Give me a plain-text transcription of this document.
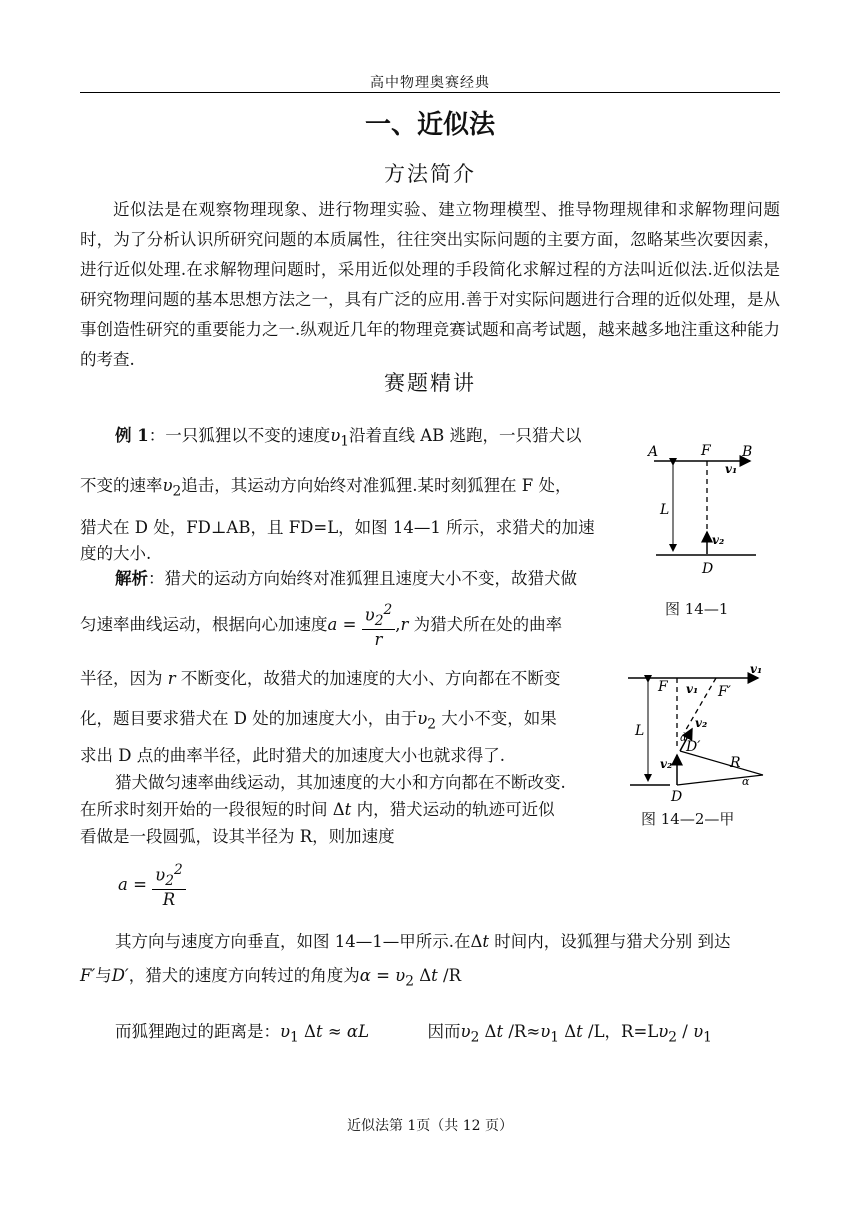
高中物理奥赛经典
一、近似法
方法简介

近似法是在观察物理现象、进行物理实验、建立物理模型、推导物理规律和求解物理问题时，为了分析认识所研究问题的本质属性，往往突出实际问题的主要方面，忽略某些次要因素，进行近似处理.在求解物理问题时，采用近似处理的手段简化求解过程的方法叫近似法.近似法是研究物理问题的基本思想方法之一，具有广泛的应用.善于对实际问题进行合理的近似处理，是从事创造性研究的重要能力之一.纵观近几年的物理竞赛试题和高考试题，越来越多地注重这种能力的考查.

赛题精讲
例 1：一只狐狸以不变的速度$\upsilon_1$沿着直线 AB 逃跑，一只猎犬以
不变的速率$\upsilon_2$追击，其运动方向始终对准狐狸.某时刻狐狸在 F 处，
猎犬在 D 处，FD⊥AB，且 FD=L，如图 14—1 所示，求猎犬的加速
度的大小.
解析：猎犬的运动方向始终对准狐狸且速度大小不变，故猎犬做
匀速率曲线运动，根据向心加速度$a = \frac{\upsilon_2^2}{r} ,r$ 为猎犬所在处的曲率
半径，因为 r 不断变化，故猎犬的加速度的大小、方向都在不断变
化，题目要求猎犬在 D 处的加速度大小，由于$\upsilon_2$ 大小不变，如果
求出 D 点的曲率半径，此时猎犬的加速度大小也就求得了.
猎犬做匀速率曲线运动，其加速度的大小和方向都在不断改变.
在所求时刻开始的一段很短的时间 Δt 内，猎犬运动的轨迹可近似
看做是一段圆弧，设其半径为 R，则加速度
$a = \frac{\upsilon_2^2}{R}$
其方向与速度方向垂直，如图 14—1—甲所示.在Δt 时间内，设狐狸与猎犬分别 到达
F′与D′，猎犬的速度方向转过的角度为$\alpha = \upsilon_2$ Δt /R
而狐狸跑过的距离是：$\upsilon_1$ Δt ≈ αL	因而$\upsilon_2$ Δt $/R\approx\upsilon_1$ Δt /L，$R=L\upsilon_2 / \upsilon_1$
A	F B
v₁
L
v₂
D
图 14—1
F v₁ F′
v₁
L	v₂
D′
α
v₂	R
α
D
图 14—2—甲
近似法第 1页（共 12 页）
